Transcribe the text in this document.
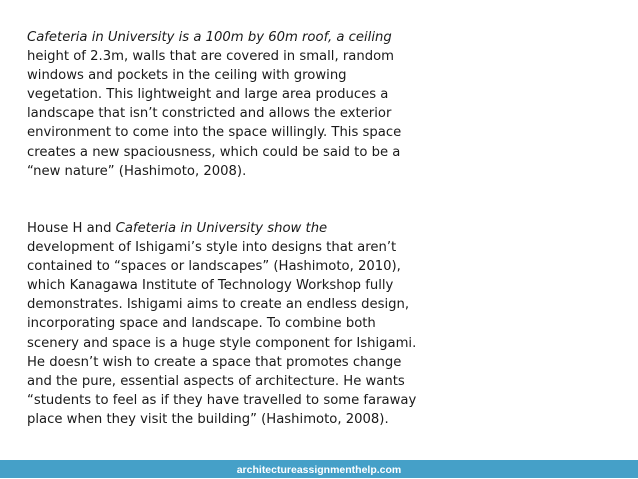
Cafeteria in University is a 100m by 60m roof, a ceiling
height of 2.3m, walls that are covered in small, random
windows and pockets in the ceiling with growing
vegetation. This lightweight and large area produces a
landscape that isn’t constricted and allows the exterior
environment to come into the space willingly. This space
creates a new spaciousness, which could be said to be a
“new nature” (Hashimoto, 2008).
House H and Cafeteria in University show the
development of Ishigami’s style into designs that aren’t
contained to “spaces or landscapes” (Hashimoto, 2010),
which Kanagawa Institute of Technology Workshop fully
demonstrates. Ishigami aims to create an endless design,
incorporating space and landscape. To combine both
scenery and space is a huge style component for Ishigami.
He doesn’t wish to create a space that promotes change
and the pure, essential aspects of architecture. He wants
“students to feel as if they have travelled to some faraway
place when they visit the building” (Hashimoto, 2008).
architectureassignmenthelp.com
